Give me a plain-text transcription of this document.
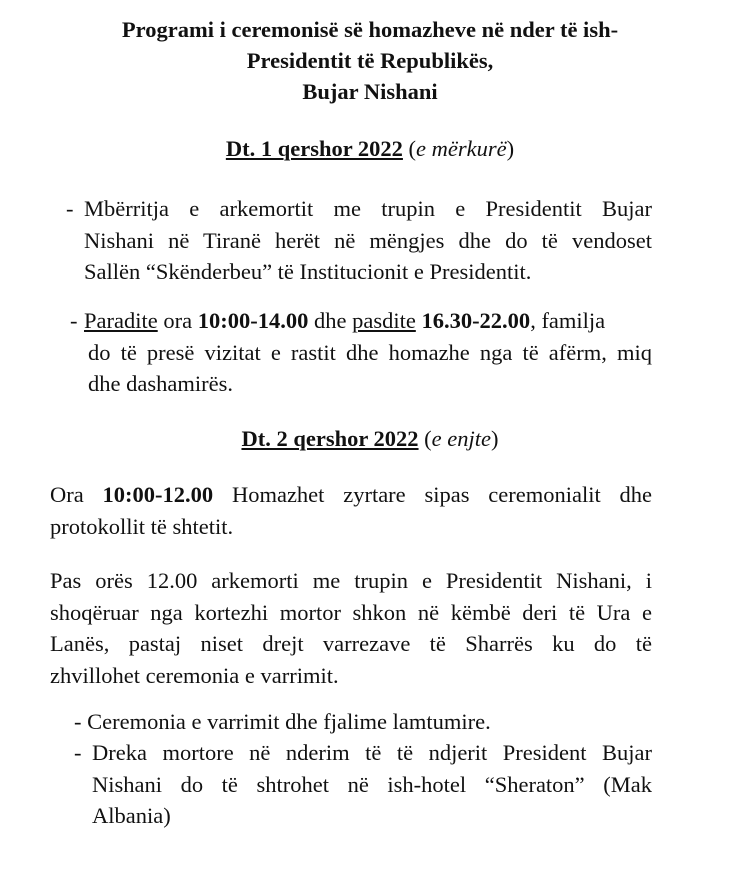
Programi i ceremonisë së homazheve në nder të ish-
Presidentit të Republikës,
Bujar Nishani
Dt. 1 qershor 2022 (e mërkurë)
- Mbërritja e arkemortit me trupin e Presidentit Bujar
Nishani në Tiranë herët në mëngjes dhe do të vendoset
Sallën “Skënderbeu” të Institucionit e Presidentit.
- Paradite ora 10:00-14.00 dhe pasdite 16.30-22.00, familja
do të presë vizitat e rastit dhe homazhe nga të afërm, miq
dhe dashamirës.
Dt. 2 qershor 2022 (e enjte)
Ora 10:00-12.00 Homazhet zyrtare sipas ceremonialit dhe
protokollit të shtetit.
Pas orës 12.00 arkemorti me trupin e Presidentit Nishani, i
shoqëruar nga kortezhi mortor shkon në këmbë deri të Ura e
Lanës, pastaj niset drejt varrezave të Sharrës ku do të
zhvillohet ceremonia e varrimit.
- Ceremonia e varrimit dhe fjalime lamtumire.
- Dreka mortore në nderim të të ndjerit President Bujar
Nishani do të shtrohet në ish-hotel “Sheraton” (Mak
Albania)
